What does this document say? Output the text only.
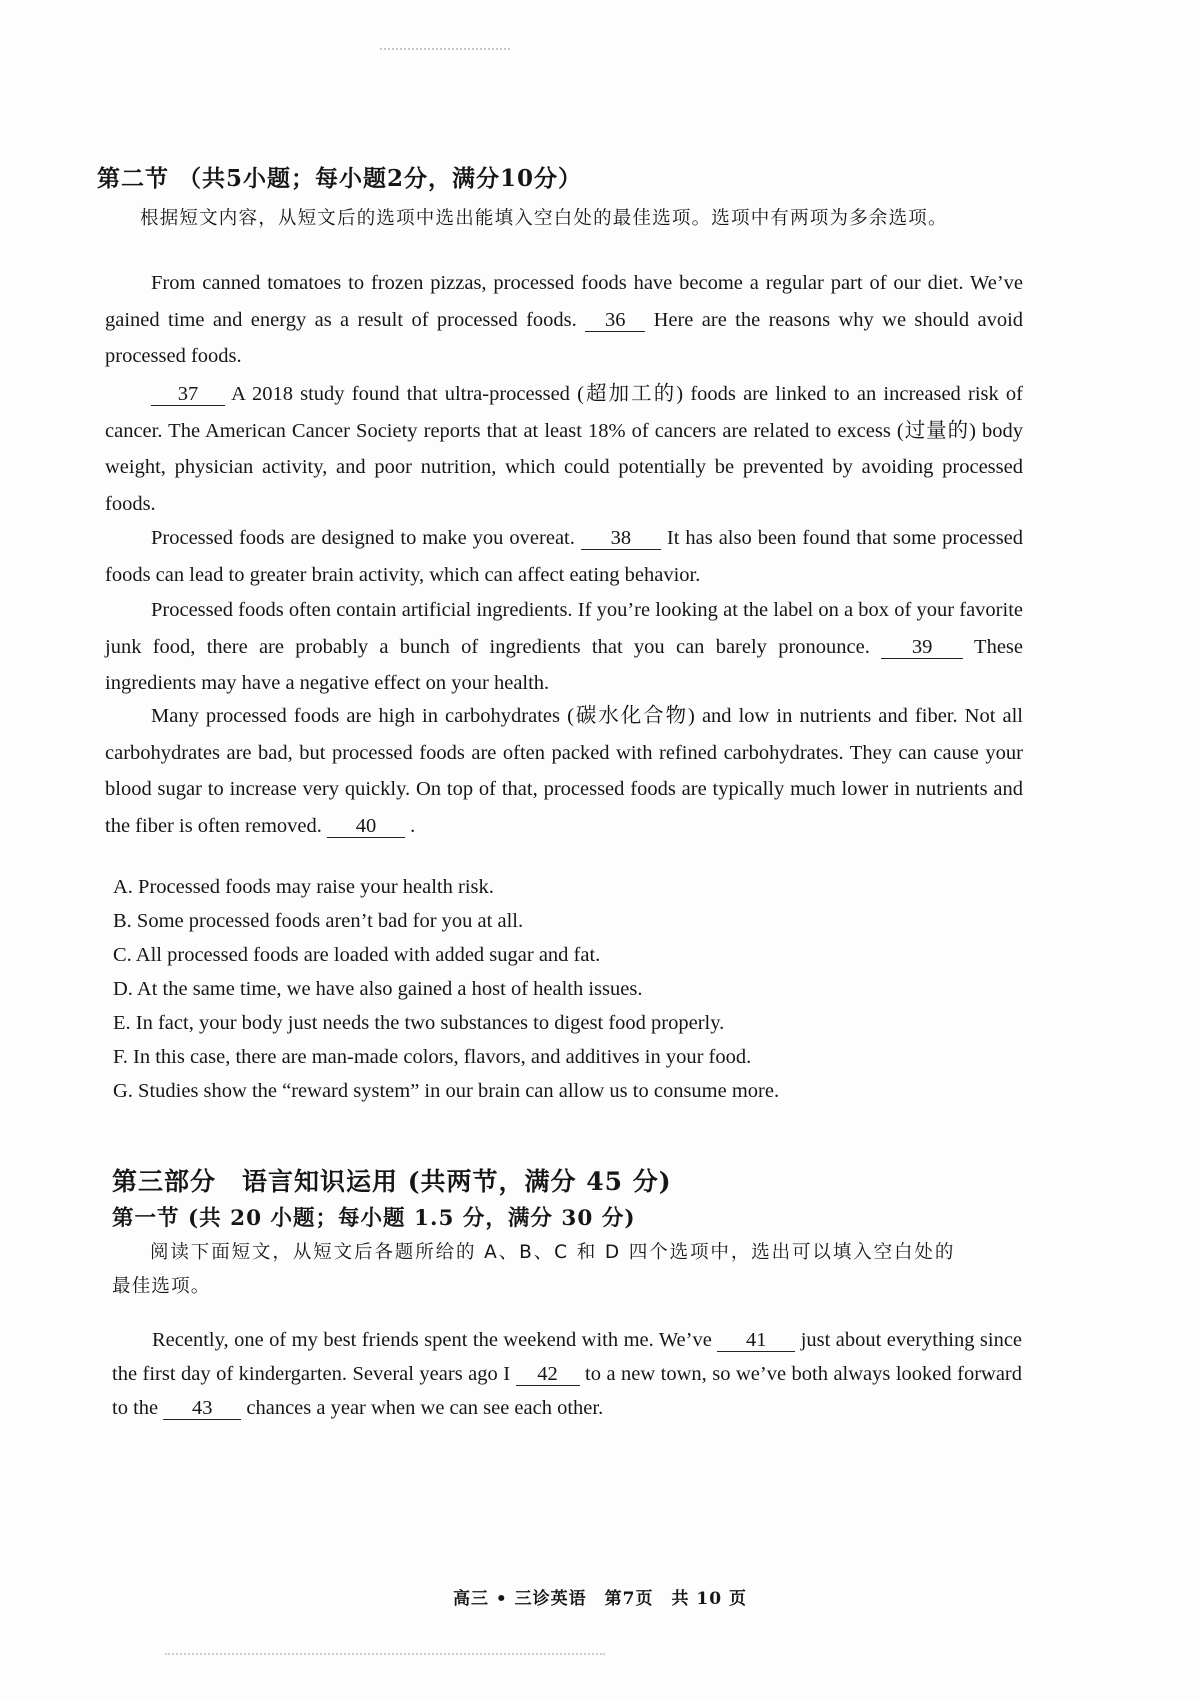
第二节 （共5小题；每小题2分，满分10分）
根据短文内容，从短文后的选项中选出能填入空白处的最佳选项。选项中有两项为多余选项。

From canned tomatoes to frozen pizzas, processed foods have become a regular part of our diet. We’ve gained time and energy as a result of processed foods. 36 Here are the reasons why we should avoid processed foods.

37 A 2018 study found that ultra-processed (超加工的) foods are linked to an increased risk of cancer. The American Cancer Society reports that at least 18% of cancers are related to excess (过量的) body weight, physician activity, and poor nutrition, which could potentially be prevented by avoiding processed foods.

Processed foods are designed to make you overeat. 38 It has also been found that some processed foods can lead to greater brain activity, which can affect eating behavior.

Processed foods often contain artificial ingredients. If you’re looking at the label on a box of your favorite junk food, there are probably a bunch of ingredients that you can barely pronounce. 39 These ingredients may have a negative effect on your health.

Many processed foods are high in carbohydrates (碳水化合物) and low in nutrients and fiber. Not all carbohydrates are bad, but processed foods are often packed with refined carbohydrates. They can cause your blood sugar to increase very quickly. On top of that, processed foods are typically much lower in nutrients and the fiber is often removed. 40 .

A. Processed foods may raise your health risk.
B. Some processed foods aren’t bad for you at all.
C. All processed foods are loaded with added sugar and fat.
D. At the same time, we have also gained a host of health issues.
E. In fact, your body just needs the two substances to digest food properly.
F. In this case, there are man-made colors, flavors, and additives in your food.
G. Studies show the “reward system” in our brain can allow us to consume more.
第三部分　语言知识运用 (共两节，满分 45 分)
第一节 (共 20 小题；每小题 1.5 分，满分 30 分)
阅读下面短文，从短文后各题所给的 A、B、C 和 D 四个选项中，选出可以填入空白处的
最佳选项。

Recently, one of my best friends spent the weekend with me. We’ve 41 just about everything since the first day of kindergarten. Several years ago I 42 to a new town, so we’ve both always looked forward to the 43 chances a year when we can see each other.

高三 • 三诊英语　第7页　共 10 页
